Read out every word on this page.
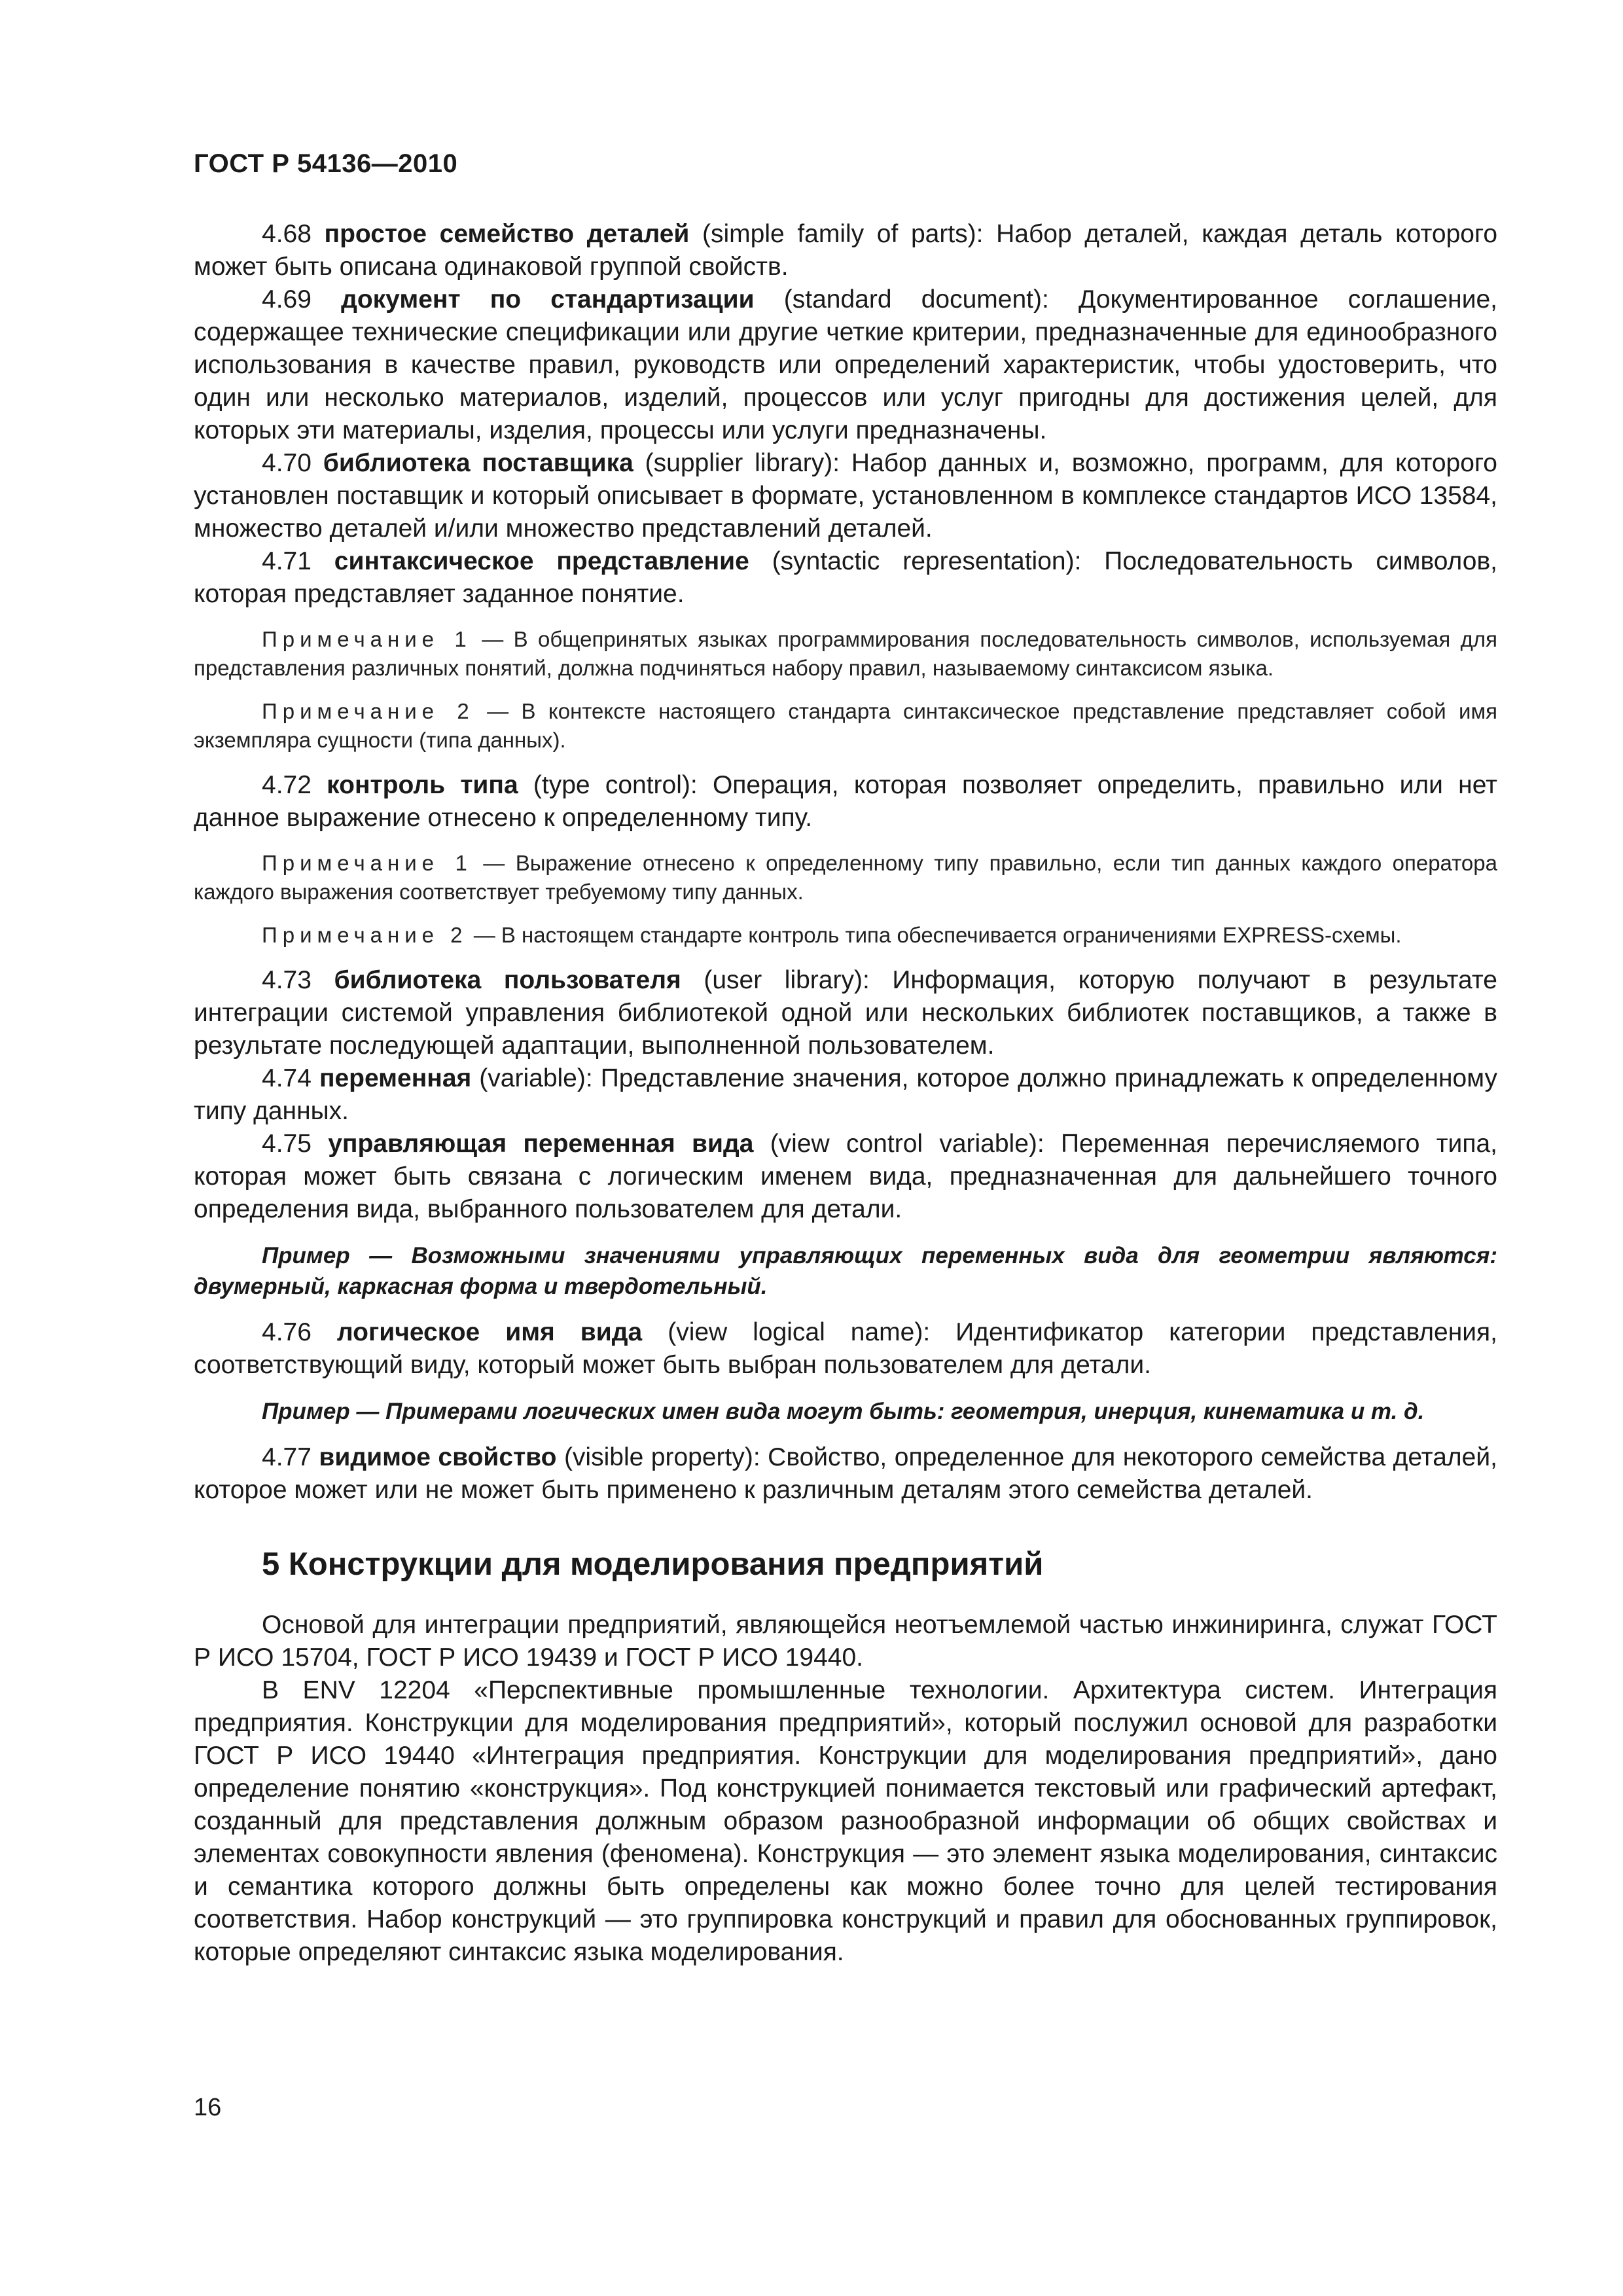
ГОСТ Р 54136—2010

4.68 простое семейство деталей (simple family of parts): Набор деталей, каждая деталь которого может быть описана одинаковой группой свойств.

4.69 документ по стандартизации (standard document): Документированное соглашение, содержащее технические спецификации или другие четкие критерии, предназначенные для единообразного использования в качестве правил, руководств или определений характеристик, чтобы удостоверить, что один или несколько материалов, изделий, процессов или услуг пригодны для достижения целей, для которых эти материалы, изделия, процессы или услуги предназначены.

4.70 библиотека поставщика (supplier library): Набор данных и, возможно, программ, для которого установлен поставщик и который описывает в формате, установленном в комплексе стандартов ИСО 13584, множество деталей и/или множество представлений деталей.

4.71 синтаксическое представление (syntactic representation): Последовательность символов, которая представляет заданное понятие.

Примечание 1 — В общепринятых языках программирования последовательность символов, используемая для представления различных понятий, должна подчиняться набору правил, называемому синтаксисом языка.

Примечание 2 — В контексте настоящего стандарта синтаксическое представление представляет собой имя экземпляра сущности (типа данных).

4.72 контроль типа (type control): Операция, которая позволяет определить, правильно или нет данное выражение отнесено к определенному типу.

Примечание 1 — Выражение отнесено к определенному типу правильно, если тип данных каждого оператора каждого выражения соответствует требуемому типу данных.

Примечание 2 — В настоящем стандарте контроль типа обеспечивается ограничениями EXPRESS-схемы.

4.73 библиотека пользователя (user library): Информация, которую получают в результате интеграции системой управления библиотекой одной или нескольких библиотек поставщиков, а также в результате последующей адаптации, выполненной пользователем.

4.74 переменная (variable): Представление значения, которое должно принадлежать к определенному типу данных.

4.75 управляющая переменная вида (view control variable): Переменная перечисляемого типа, которая может быть связана с логическим именем вида, предназначенная для дальнейшего точного определения вида, выбранного пользователем для детали.

Пример — Возможными значениями управляющих переменных вида для геометрии являются: двумерный, каркасная форма и твердотельный.

4.76 логическое имя вида (view logical name): Идентификатор категории представления, соответствующий виду, который может быть выбран пользователем для детали.

Пример — Примерами логических имен вида могут быть: геометрия, инерция, кинематика и т. д.

4.77 видимое свойство (visible property): Свойство, определенное для некоторого семейства деталей, которое может или не может быть применено к различным деталям этого семейства деталей.

5 Конструкции для моделирования предприятий

Основой для интеграции предприятий, являющейся неотъемлемой частью инжиниринга, служат ГОСТ Р ИСО 15704, ГОСТ Р ИСО 19439 и ГОСТ Р ИСО 19440.

В ENV 12204 «Перспективные промышленные технологии. Архитектура систем. Интеграция предприятия. Конструкции для моделирования предприятий», который послужил основой для разработки ГОСТ Р ИСО 19440 «Интеграция предприятия. Конструкции для моделирования предприятий», дано определение понятию «конструкция». Под конструкцией понимается текстовый или графический артефакт, созданный для представления должным образом разнообразной информации об общих свойствах и элементах совокупности явления (феномена). Конструкция — это элемент языка моделирования, синтаксис и семантика которого должны быть определены как можно более точно для целей тестирования соответствия. Набор конструкций — это группировка конструкций и правил для обоснованных группировок, которые определяют синтаксис языка моделирования.

16
